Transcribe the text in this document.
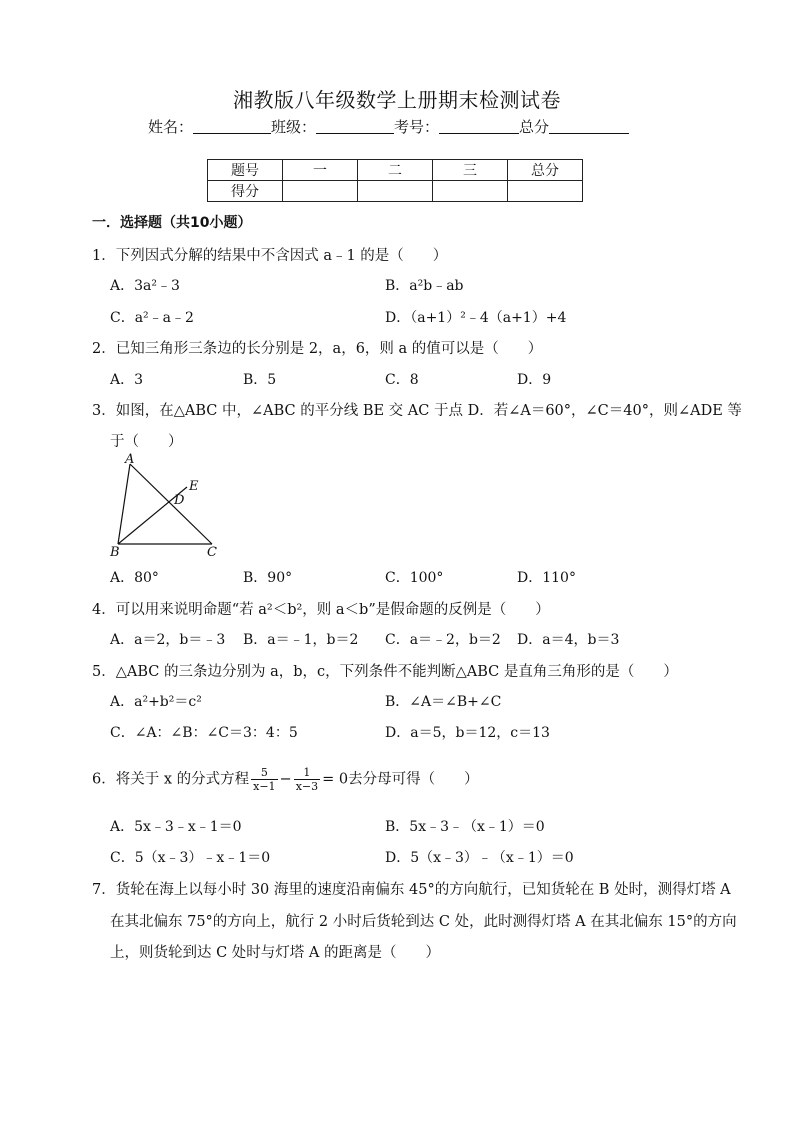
湘教版八年级数学上册期末检测试卷
姓名：	班级：	考号：	总分
题号	一	二	三	总分
得分				
一．选择题（共10小题）
1．下列因式分解的结果中不含因式 a﹣1 的是（　　）
A．3a²﹣3	B．a²b﹣ab
C．a²﹣a﹣2	D．（a+1）²﹣4（a+1）+4
2．已知三角形三条边的长分别是 2，a，6，则 a 的值可以是（　　）
A．3	B．5	C．8	D．9
3．如图，在△ABC 中，∠ABC 的平分线 BE 交 AC 于点 D．若∠A＝60°，∠C＝40°，则∠ADE 等
于（　　）
A
B	C
D
E
A．80°	B．90°	C．100°	D．110°
4．可以用来说明命题“若 a²＜b²，则 a＜b”是假命题的反例是（　　）
A．a＝2，b＝﹣3 B．a＝﹣1，b＝2 C．a＝﹣2，b＝2 D．a＝4，b＝3
5．△ABC 的三条边分别为 a，b，c，下列条件不能判断△ABC 是直角三角形的是（　　）
A．a²+b²＝c²	B．∠A＝∠B+∠C
C．∠A：∠B：∠C＝3：4：5	D．a＝5，b＝12，c＝13
6．将关于 x 的分式方程 $\frac{5}{x-1} - \frac{1}{x-3} = 0$去分母可得（　　）
A．5x﹣3﹣x﹣1＝0	B．5x﹣3﹣（x﹣1）＝0
C．5（x﹣3）﹣x﹣1＝0	D．5（x﹣3）﹣（x﹣1）＝0
7．货轮在海上以每小时 30 海里的速度沿南偏东 45°的方向航行，已知货轮在 B 处时，测得灯塔 A
在其北偏东 75°的方向上，航行 2 小时后货轮到达 C 处，此时测得灯塔 A 在其北偏东 15°的方向
上，则货轮到达 C 处时与灯塔 A 的距离是（　　）
